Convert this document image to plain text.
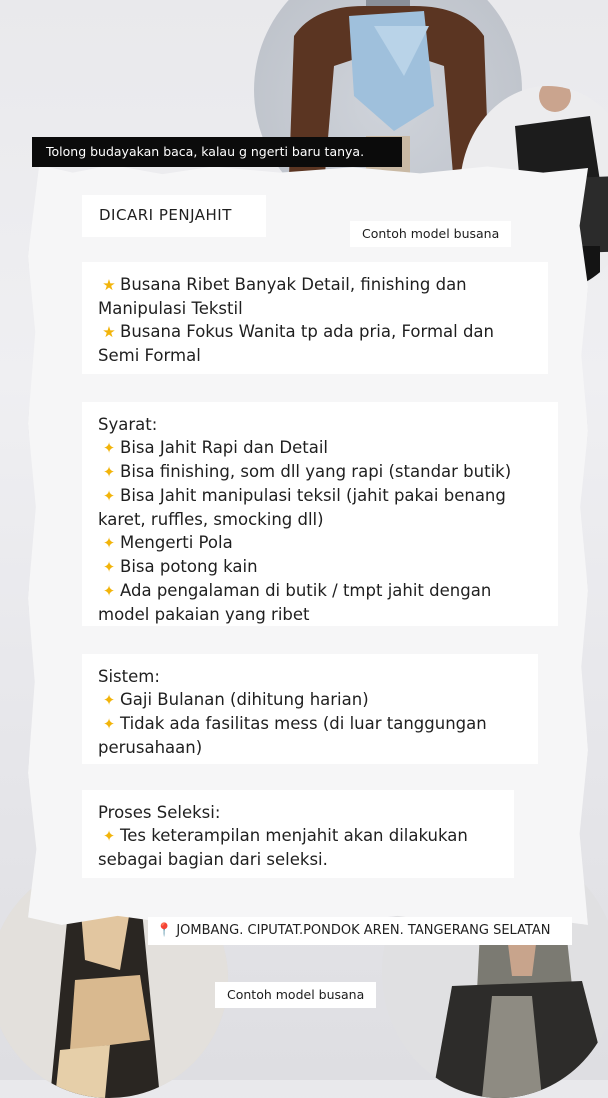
Tolong budayakan baca, kalau g ngerti baru tanya.
DICARI PENJAHIT
Contoh model busana
★ Busana Ribet Banyak Detail, finishing dan
Manipulasi Tekstil
★ Busana Fokus Wanita tp ada pria, Formal dan
Semi Formal
Syarat:
✦ Bisa Jahit Rapi dan Detail
✦ Bisa finishing, som dll yang rapi (standar butik)
✦ Bisa Jahit manipulasi teksil (jahit pakai benang
karet, ruffles, smocking dll)
✦ Mengerti Pola
✦ Bisa potong kain
✦ Ada pengalaman di butik / tmpt jahit dengan
model pakaian yang ribet
Sistem:
✦ Gaji Bulanan (dihitung harian)
✦ Tidak ada fasilitas mess (di luar tanggungan
perusahaan)
Proses Seleksi:
✦ Tes keterampilan menjahit akan dilakukan
sebagai bagian dari seleksi.
📍 JOMBANG. CIPUTAT.PONDOK AREN. TANGERANG SELATAN
Contoh model busana
